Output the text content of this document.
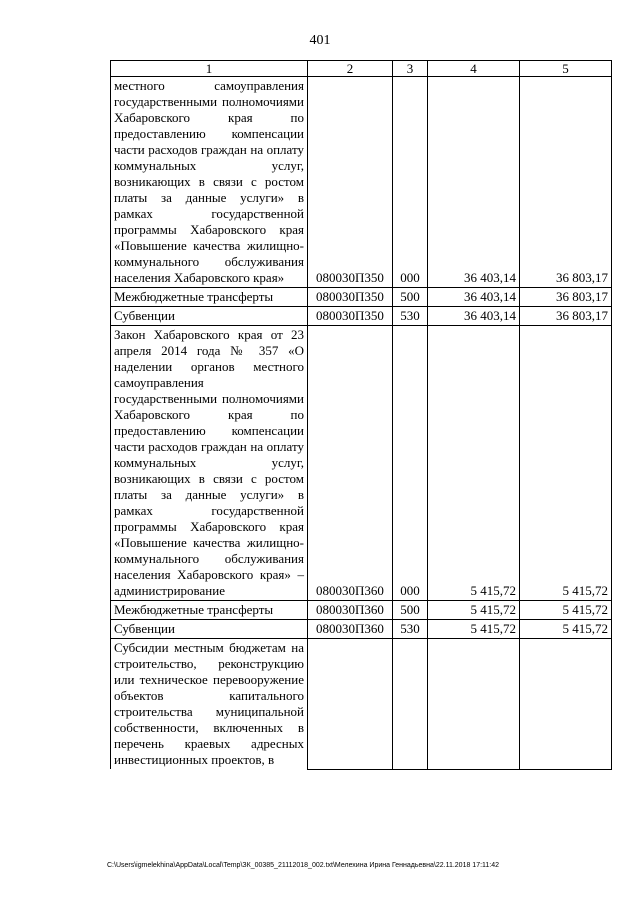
401
1	2	3	4	5
местного самоуправления государственными полномочиями Хабаровского края по предоставлению компенсации части расходов граждан на оплату коммунальных услуг, возникающих в связи с ростом платы за данные услуги» в рамках государственной программы Хабаровского края «Повышение качества жилищно-коммунального обслуживания населения Хабаровского края»	080030П350	000	36 403,14	36 803,17
Межбюджетные трансферты	080030П350	500	36 403,14	36 803,17
Субвенции	080030П350	530	36 403,14	36 803,17
Закон Хабаровского края от 23 апреля 2014 года № 357 «О наделении органов местного самоуправления государственными полномочиями Хабаровского края по предоставлению компенсации части расходов граждан на оплату коммунальных услуг, возникающих в связи с ростом платы за данные услуги» в рамках государственной программы Хабаровского края «Повышение качества жилищно-коммунального обслуживания населения Хабаровского края» – администрирование	080030П360	000	5 415,72	5 415,72
Межбюджетные трансферты	080030П360	500	5 415,72	5 415,72
Субвенции	080030П360	530	5 415,72	5 415,72
Субсидии местным бюджетам на строительство, реконструкцию или техническое перевооружение объектов капитального строительства муниципальной собственности, включенных в перечень краевых адресных инвестиционных проектов, в				
C:\Users\igmelekhina\AppData\Local\Temp\ЗК_00385_21112018_002.txt\Мелехина Ирина Геннадьевна\22.11.2018 17:11:42
